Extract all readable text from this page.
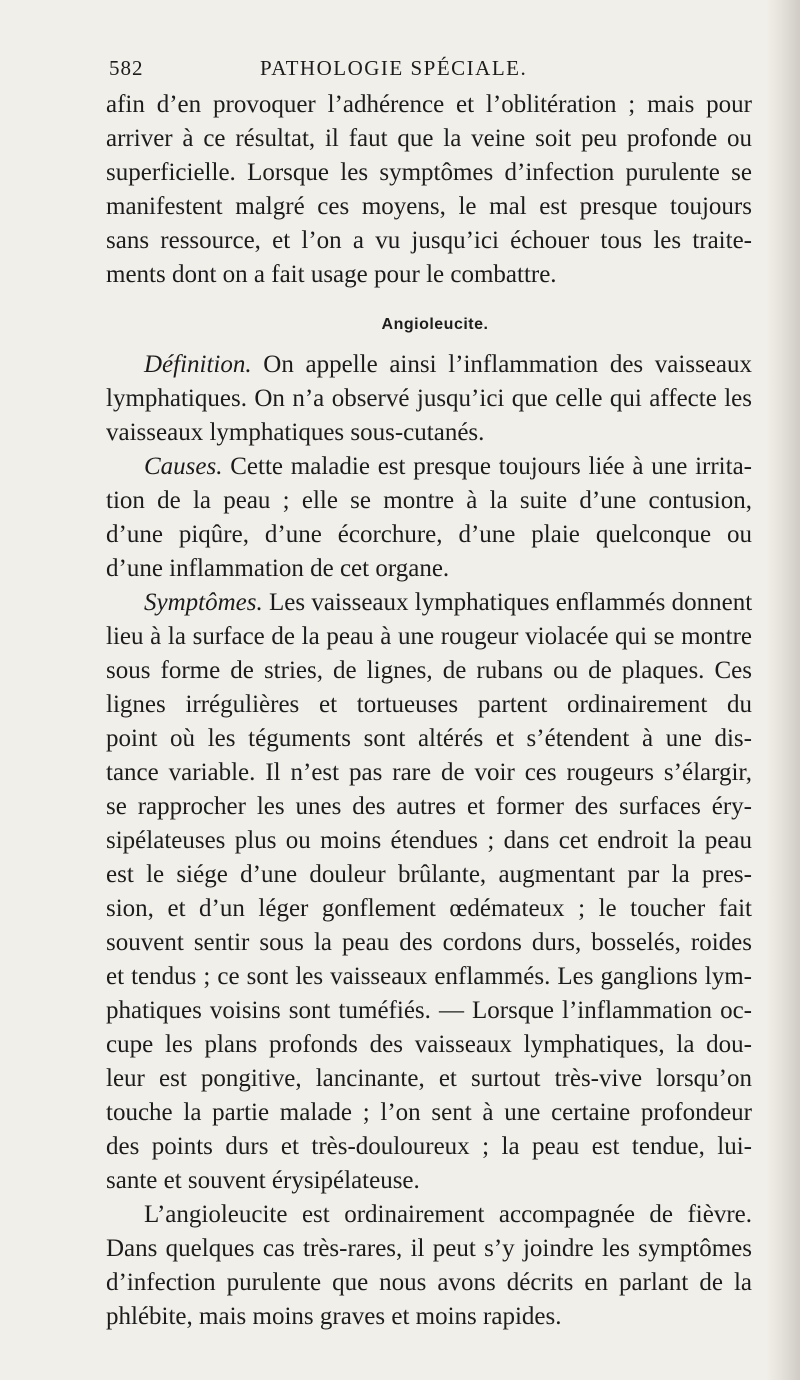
582	PATHOLOGIE SPÉCIALE.

afin d’en provoquer l’adhérence et l’oblitération ; mais pour
arriver à ce résultat, il faut que la veine soit peu profonde ou
superficielle. Lorsque les symptômes d’infection purulente se
manifestent malgré ces moyens, le mal est presque toujours
sans ressource, et l’on a vu jusqu’ici échouer tous les traite-
ments dont on a fait usage pour le combattre.

Angioleucite.

Définition. On appelle ainsi l’inflammation des vaisseaux
lymphatiques. On n’a observé jusqu’ici que celle qui affecte les
vaisseaux lymphatiques sous-cutanés.

Causes. Cette maladie est presque toujours liée à une irrita-
tion de la peau ; elle se montre à la suite d’une contusion,
d’une piqûre, d’une écorchure, d’une plaie quelconque ou
d’une inflammation de cet organe.

Symptômes. Les vaisseaux lymphatiques enflammés donnent
lieu à la surface de la peau à une rougeur violacée qui se montre
sous forme de stries, de lignes, de rubans ou de plaques. Ces
lignes irrégulières et tortueuses partent ordinairement du
point où les téguments sont altérés et s’étendent à une dis-
tance variable. Il n’est pas rare de voir ces rougeurs s’élargir,
se rapprocher les unes des autres et former des surfaces éry-
sipélateuses plus ou moins étendues ; dans cet endroit la peau
est le siége d’une douleur brûlante, augmentant par la pres-
sion, et d’un léger gonflement œdémateux ; le toucher fait
souvent sentir sous la peau des cordons durs, bosselés, roides
et tendus ; ce sont les vaisseaux enflammés. Les ganglions lym-
phatiques voisins sont tuméfiés. — Lorsque l’inflammation oc-
cupe les plans profonds des vaisseaux lymphatiques, la dou-
leur est pongitive, lancinante, et surtout très-vive lorsqu’on
touche la partie malade ; l’on sent à une certaine profondeur
des points durs et très-douloureux ; la peau est tendue, lui-
sante et souvent érysipélateuse.

L’angioleucite est ordinairement accompagnée de fièvre.
Dans quelques cas très-rares, il peut s’y joindre les symptômes
d’infection purulente que nous avons décrits en parlant de la
phlébite, mais moins graves et moins rapides.
